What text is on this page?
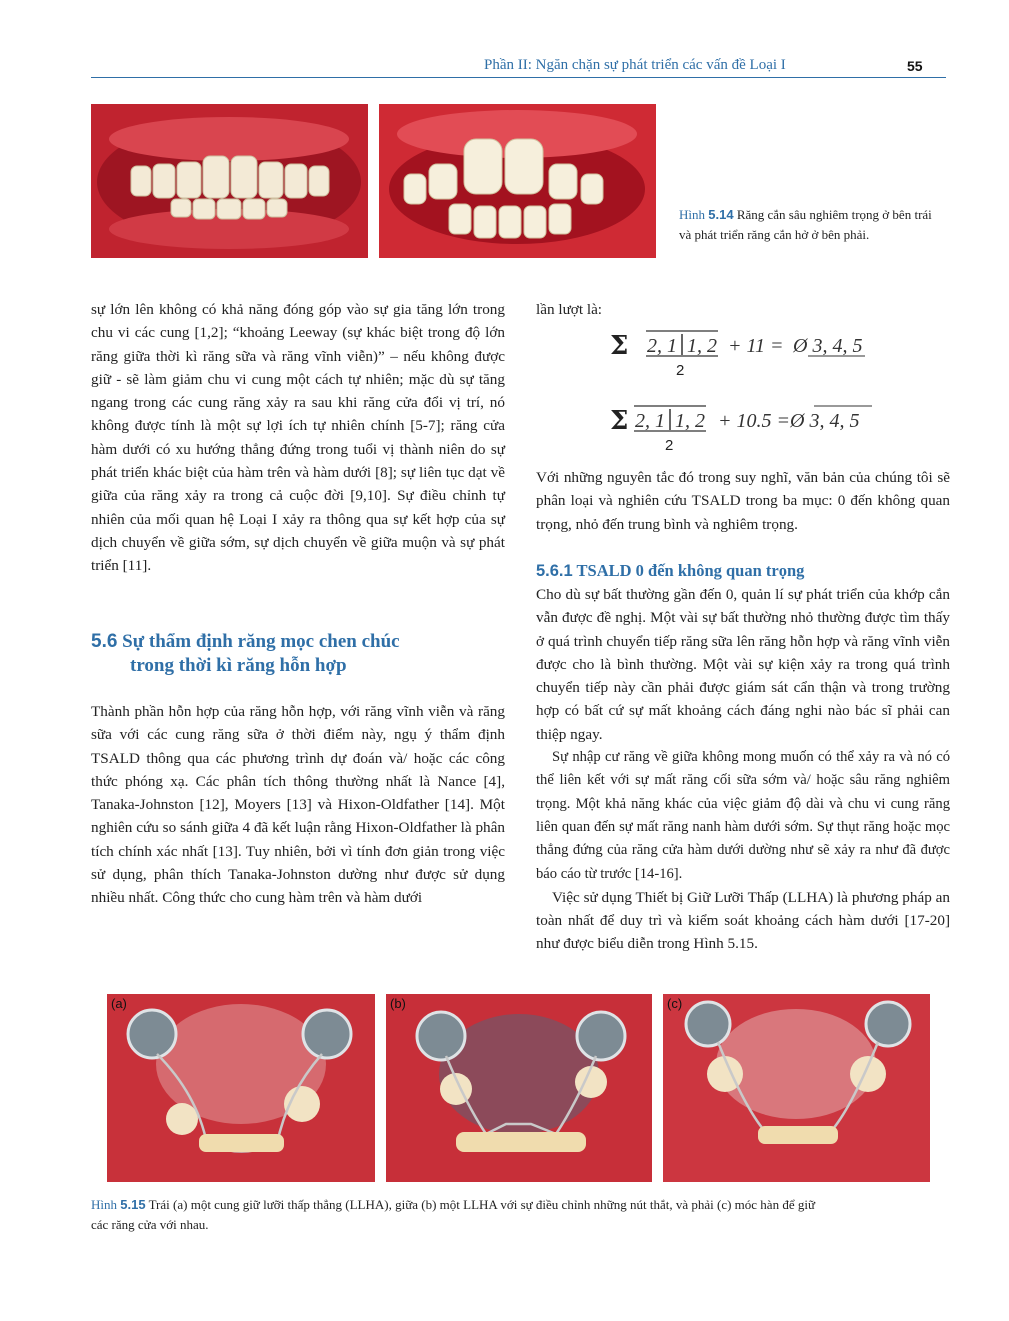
Phần II: Ngăn chặn sự phát triển các vấn đề Loại I	55
Hình 5.14 Răng cắn sâu nghiêm trọng ở bên trái và phát triển răng cắn hở ở bên phải.

sự lớn lên không có khả năng đóng góp vào sự gia tăng lớn trong chu vi các cung [1,2]; “khoảng Leeway (sự khác biệt trong độ lớn răng giữa thời kì răng sữa và răng vĩnh viễn)” – nếu không được giữ - sẽ làm giảm chu vi cung một cách tự nhiên; mặc dù sự tăng ngang trong các cung răng xảy ra sau khi răng cửa đổi vị trí, nó không được tính là một sự lợi ích tự nhiên chính [5-7]; răng cửa hàm dưới có xu hướng thẳng đứng trong tuổi vị thành niên do sự phát triển khác biệt của hàm trên và hàm dưới [8]; sự liên tục dạt về giữa của răng xảy ra trong cả cuộc đời [9,10]. Sự điều chỉnh tự nhiên của mối quan hệ Loại I xảy ra thông qua sự kết hợp của sự dịch chuyển về giữa sớm, sự dịch chuyển về giữa muộn và sự phát triển [11].

5.6 Sự thẩm định răng mọc chen chúc
trong thời kì răng hỗn hợp

Thành phần hỗn hợp của răng hỗn hợp, với răng vĩnh viễn và răng sữa với các cung răng sữa ở thời điểm này, ngụ ý thẩm định TSALD thông qua các phương trình dự đoán và/ hoặc các công thức phóng xạ. Các phân tích thông thường nhất là Nance [4], Tanaka-Johnston [12], Moyers [13] và Hixon-Oldfather [14]. Một nghiên cứu so sánh giữa 4 đã kết luận rằng Hixon-Oldfather là phân tích chính xác nhất [13]. Tuy nhiên, bởi vì tính đơn giản trong việc sử dụng, phân thích Tanaka-Johnston dường như được sử dụng nhiều nhất. Công thức cho cung hàm trên và hàm dưới

lần lượt là:

Σ 2, 1 1, 2
2
+ 11 = Ø 3, 4, 5
Σ 2, 1 1, 2
2
+ 10.5 = Ø 3, 4, 5

Với những nguyên tắc đó trong suy nghĩ, văn bản của chúng tôi sẽ phân loại và nghiên cứu TSALD trong ba mục: 0 đến không quan trọng, nhỏ đến trung bình và nghiêm trọng.

5.6.1 TSALD 0 đến không quan trọng

Cho dù sự bất thường gần đến 0, quản lí sự phát triển của khớp cắn vẫn được đề nghị. Một vài sự bất thường nhỏ thường được tìm thấy ở quá trình chuyển tiếp răng sữa lên răng hỗn hợp và răng vĩnh viễn được cho là bình thường. Một vài sự kiện xảy ra trong quá trình chuyển tiếp này cần phải được giám sát cẩn thận và trong trường hợp có bất cứ sự mất khoảng cách đáng nghi nào bác sĩ phải can thiệp ngay.

Sự nhập cư răng về giữa không mong muốn có thể xảy ra và nó có thể liên kết với sự mất răng cối sữa sớm và/ hoặc sâu răng nghiêm trọng. Một khả năng khác của việc giảm độ dài và chu vi cung răng liên quan đến sự mất răng nanh hàm dưới sớm. Sự thụt răng hoặc mọc thẳng đứng của răng cửa hàm dưới dường như sẽ xảy ra như đã được báo cáo từ trước [14-16].

Việc sử dụng Thiết bị Giữ Lưỡi Thấp (LLHA) là phương pháp an toàn nhất để duy trì và kiểm soát khoảng cách hàm dưới [17-20] như được biểu diễn trong Hình 5.15.

(a)	(b)	(c)
Hình 5.15 Trái (a) một cung giữ lưỡi thấp thẳng (LLHA), giữa (b) một LLHA với sự điều chỉnh những nút thắt, và phải (c) móc hàn để giữ
các răng cửa với nhau.
